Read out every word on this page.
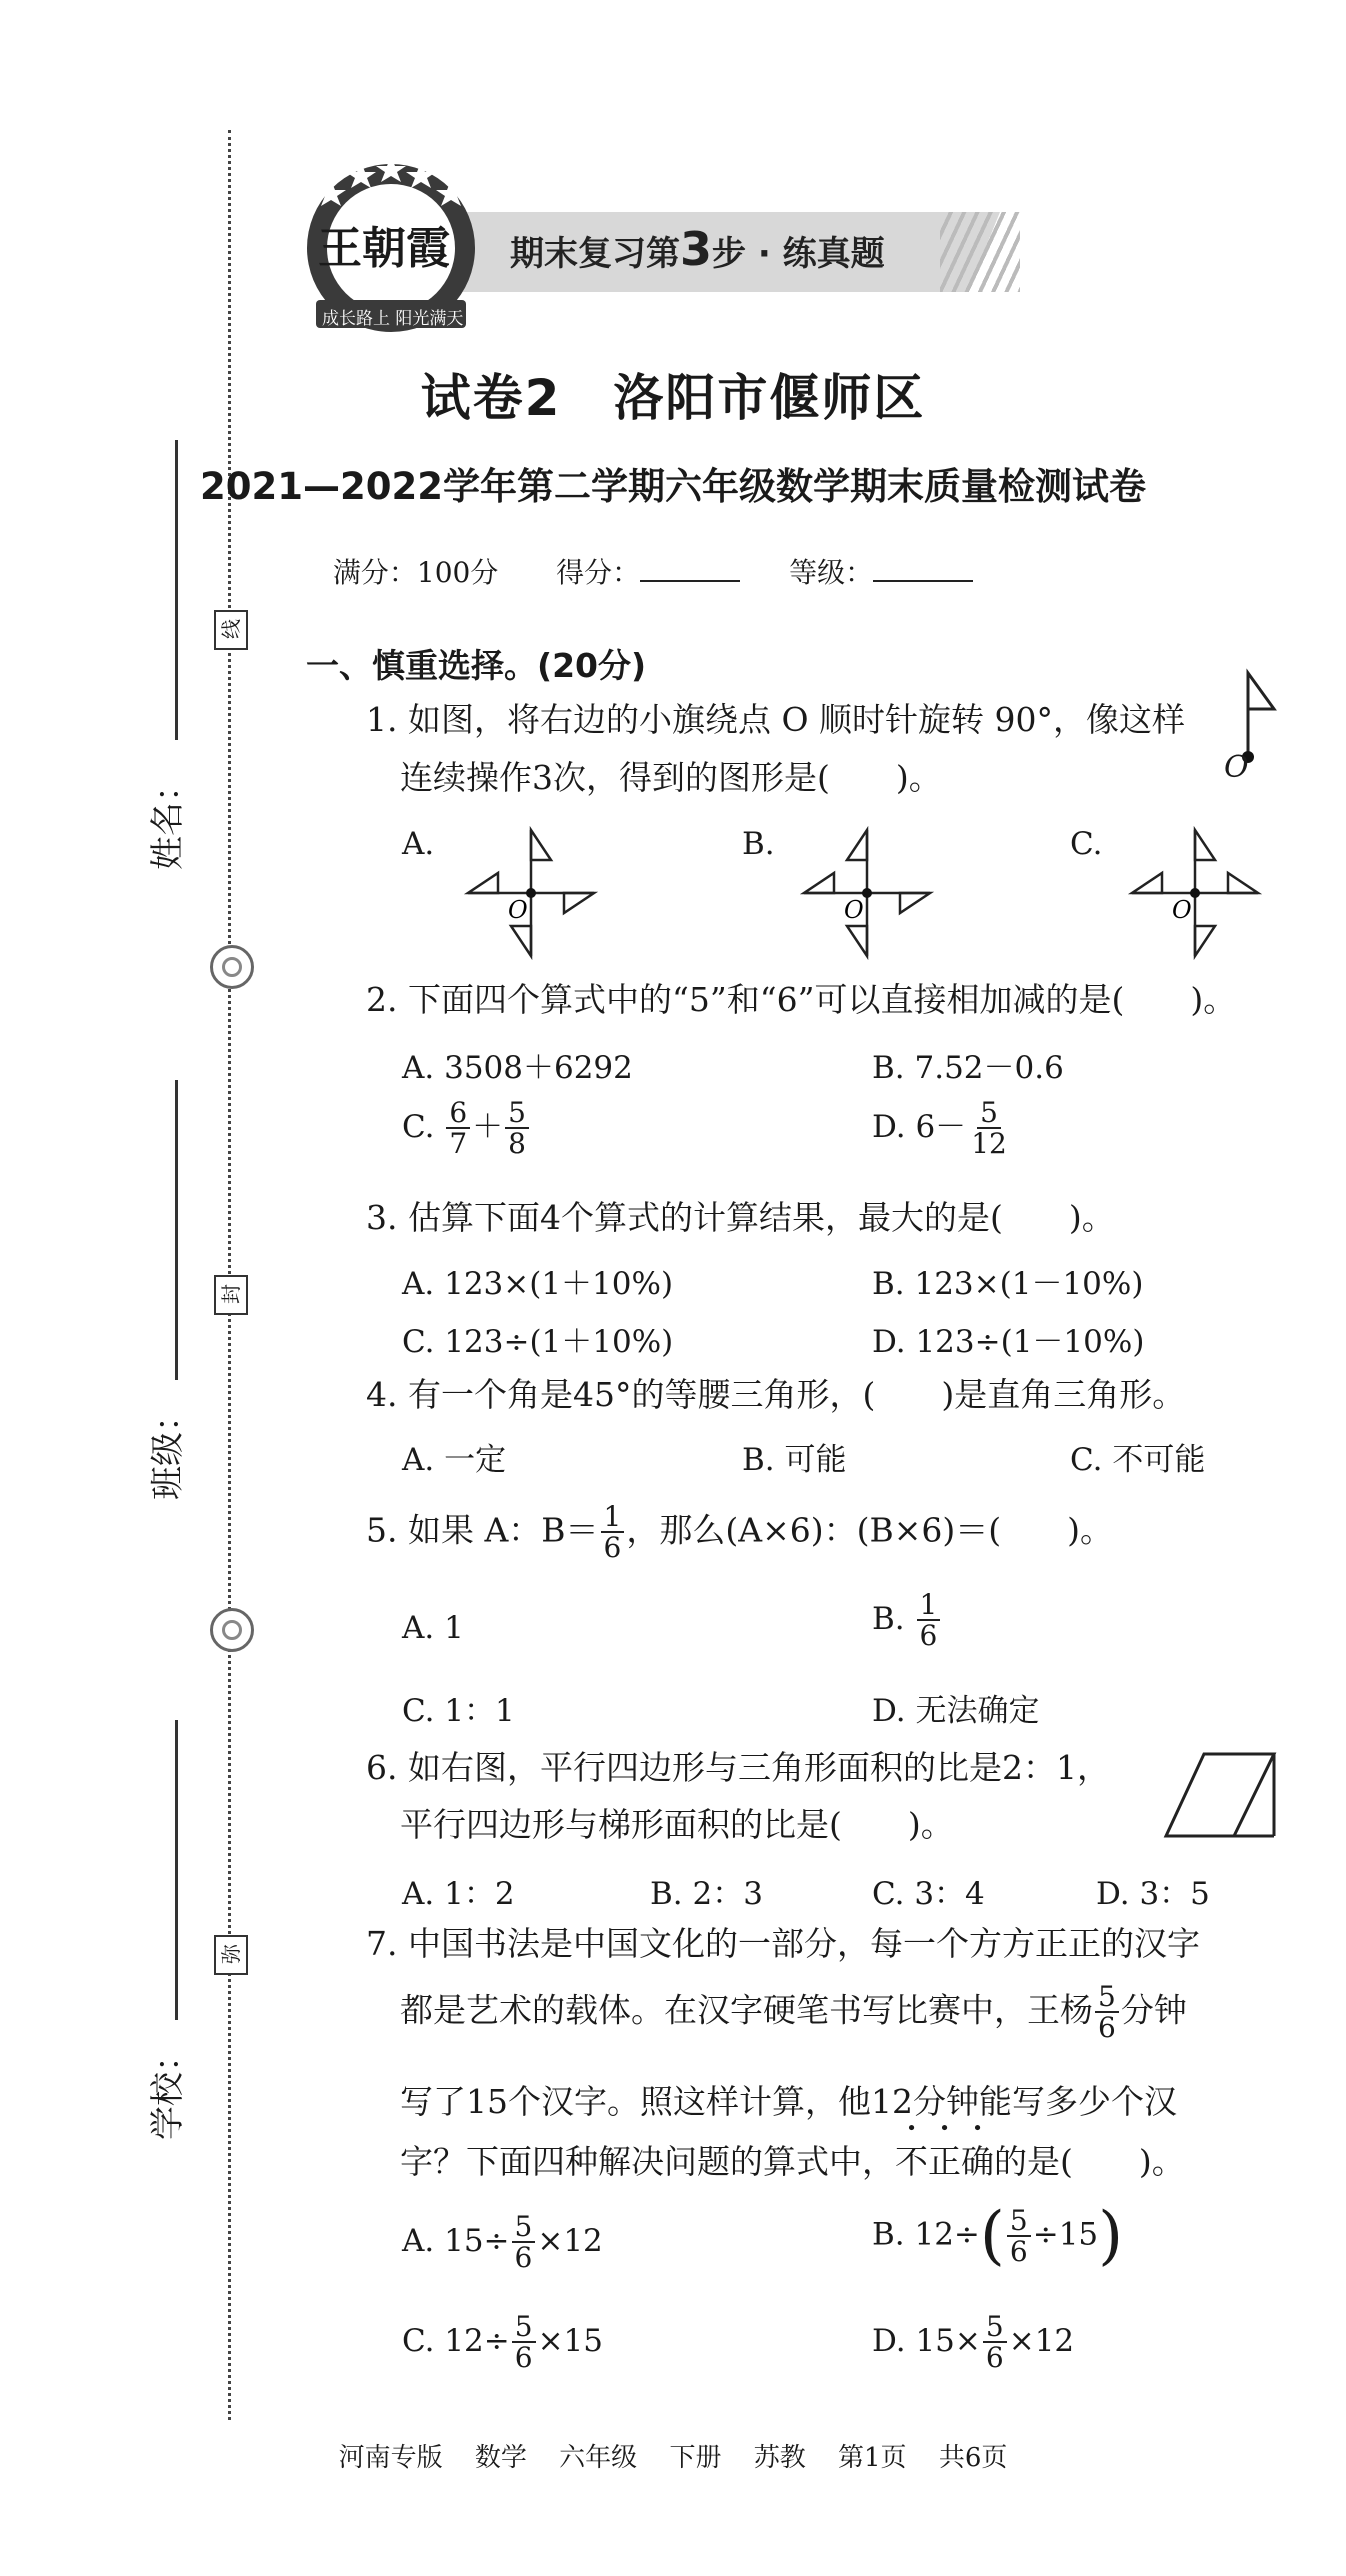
姓名：
班级：
学校：
线
封
弥
期末复习第3步 · 练真题
王朝霞
成长路上 阳光满天
试卷2　洛阳市偃师区
2021—2022学年第二学期六年级数学期末质量检测试卷
满分：100分 得分：	等级：
一、慎重选择。(20分)
1. 如图，将右边的小旗绕点 O 顺时针旋转 90°，像这样
连续操作3次，得到的图形是(　　)。	O
A.	B.	C.
O	O	O
2. 下面四个算式中的“5”和“6”可以直接相加减的是(　　)。
A. 3508＋6292	B. 7.52－0.6
C. $\frac{6}{7} + \frac{5}{8}$	D. $6- \frac{5}{12}$
3. 估算下面4个算式的计算结果，最大的是(　　)。
A. 123×(1＋10%)	B. 123×(1－10%)
C. 123÷(1＋10%)	D. 123÷(1－10%)
4. 有一个角是45°的等腰三角形，(　　)是直角三角形。
A. 一定	B. 可能	C. 不可能
5. 如果 A：$B= \frac{1}{6}$ ，那么(A×6)：(B×6)＝(　　)。
A. 1	B. $\frac{1}{6}$
C. 1：1	D. 无法确定
6. 如右图，平行四边形与三角形面积的比是2：1，
平行四边形与梯形面积的比是(　　)。
A. 1：2	B. 2：3	C. 3：4	D. 3：5
7. 中国书法是中国文化的一部分，每一个方方正正的汉字
都是艺术的载体。在汉字硬笔书写比赛中，王杨 $\frac{5}{6}$ 分钟
写了15个汉字。照这样计算，他12分钟能写多少个汉
字？下面四种解决问题的算式中，不正确的是(　　)。
A. $15\div \frac{5}{6} \times 12$	B. $12\div( \frac{5}{6} \div 15)$
C. $12\div \frac{5}{6} \times 15$	D. $15\times \frac{5}{6} \times 12$
河南专版 数学 六年级 下册 苏教 第1页 共6页
